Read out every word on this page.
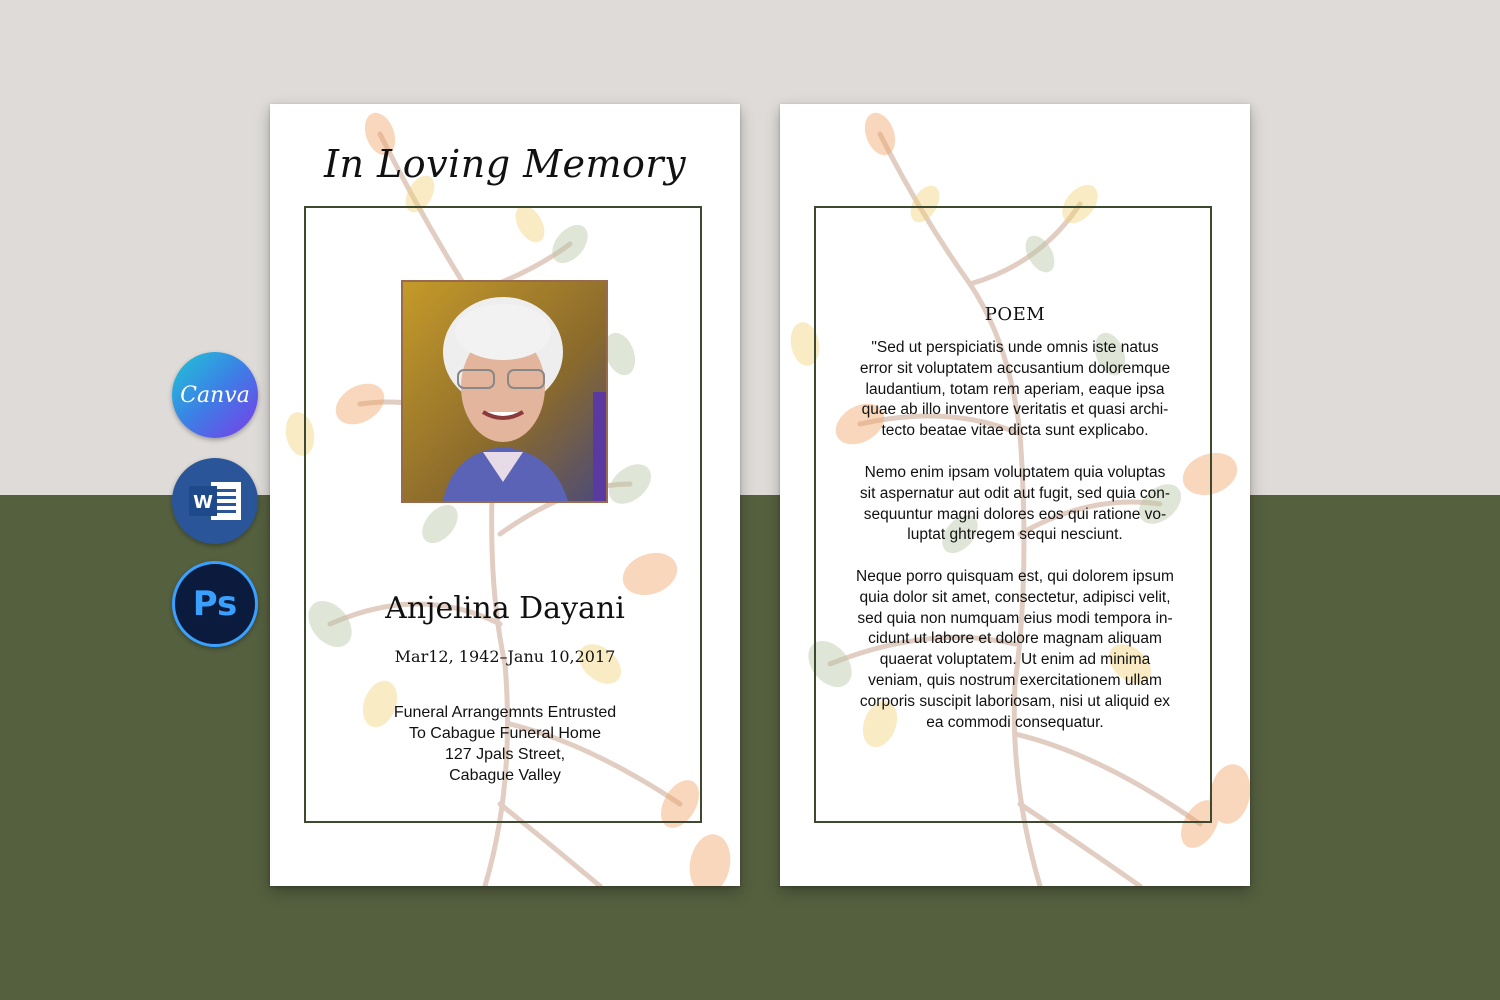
Canva
W
Ps
In Loving Memory
Anjelina Dayani
Mar12, 1942–Janu 10,2017
Funeral Arrangemnts Entrusted
To Cabague Funeral Home
127 Jpals Street,
Cabague Valley
POEM
"Sed ut perspiciatis unde omnis iste natus
error sit voluptatem accusantium doloremque
laudantium, totam rem aperiam, eaque ipsa
quae ab illo inventore veritatis et quasi archi-
tecto beatae vitae dicta sunt explicabo.
Nemo enim ipsam voluptatem quia voluptas
sit aspernatur aut odit aut fugit, sed quia con-
sequuntur magni dolores eos qui ratione vo-
luptat ghtregem sequi nesciunt.
Neque porro quisquam est, qui dolorem ipsum
quia dolor sit amet, consectetur, adipisci velit,
sed quia non numquam eius modi tempora in-
cidunt ut labore et dolore magnam aliquam
quaerat voluptatem. Ut enim ad minima
veniam, quis nostrum exercitationem ullam
corporis suscipit laboriosam, nisi ut aliquid ex
ea commodi consequatur.
